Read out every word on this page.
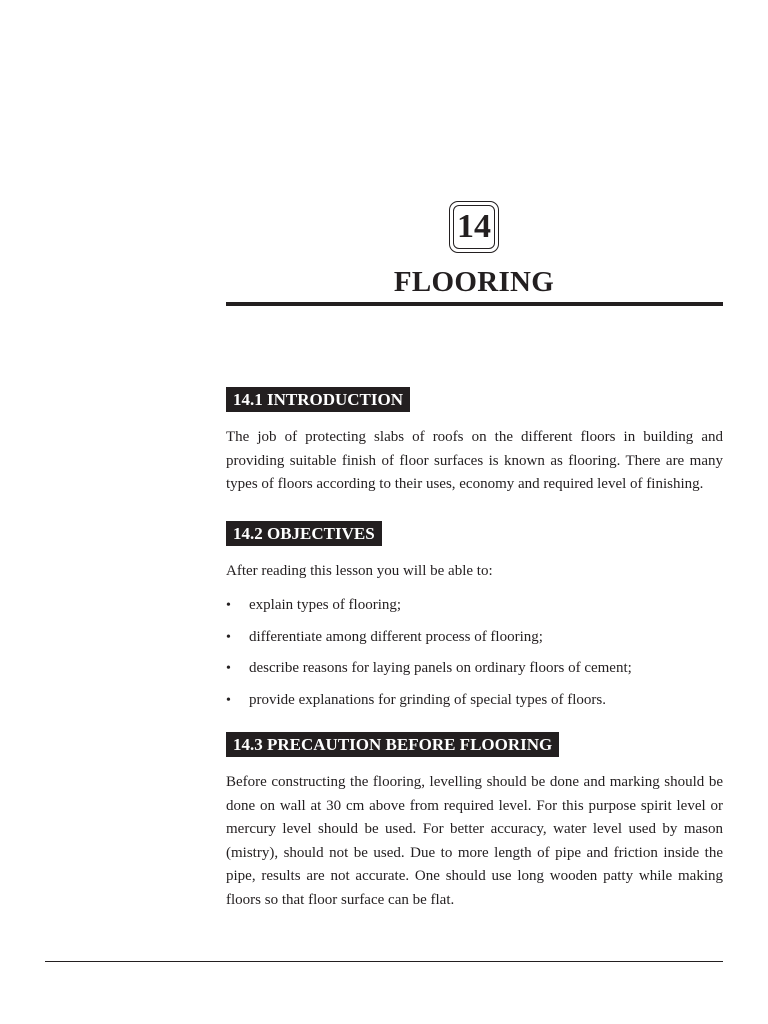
14
FLOORING
14.1 INTRODUCTION

The job of protecting slabs of roofs on the different floors in building and providing suitable finish of floor surfaces is known as flooring. There are many types of floors according to their uses, economy and required level of finishing.

14.2 OBJECTIVES

After reading this lesson you will be able to:

• explain types of flooring;
• differentiate among different process of flooring;
• describe reasons for laying panels on ordinary floors of cement;
• provide explanations for grinding of special types of floors.
14.3 PRECAUTION BEFORE FLOORING

Before constructing the flooring, levelling should be done and marking should be done on wall at 30 cm above from required level. For this purpose spirit level or mercury level should be used. For better accuracy, water level used by mason (mistry), should not be used. Due to more length of pipe and friction inside the pipe, results are not accurate. One should use long wooden patty while making floors so that floor surface can be flat.
